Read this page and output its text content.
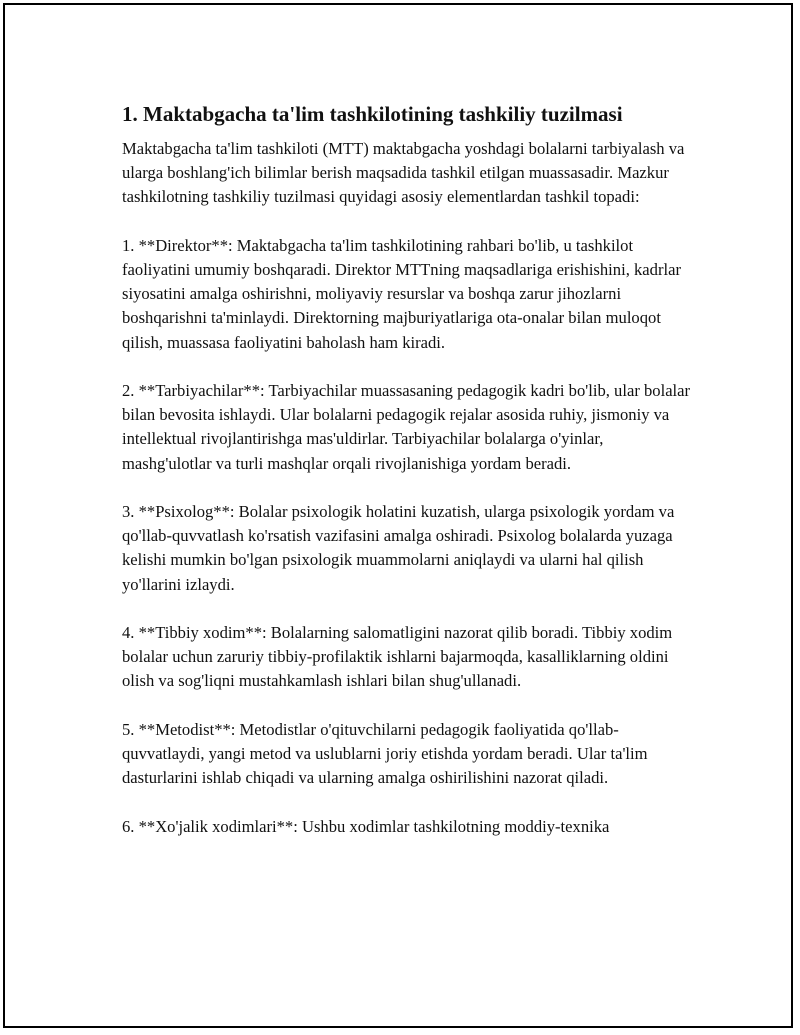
1. Maktabgacha ta'lim tashkilotining tashkiliy tuzilmasi

Maktabgacha ta'lim tashkiloti (MTT) maktabgacha yoshdagi bolalarni tarbiyalash va ularga boshlang'ich bilimlar berish maqsadida tashkil etilgan muassasadir. Mazkur tashkilotning tashkiliy tuzilmasi quyidagi asosiy elementlardan tashkil topadi:

1. **Direktor**: Maktabgacha ta'lim tashkilotining rahbari bo'lib, u tashkilot faoliyatini umumiy boshqaradi. Direktor MTTning maqsadlariga erishishini, kadrlar siyosatini amalga oshirishni, moliyaviy resurslar va boshqa zarur jihozlarni boshqarishni ta'minlaydi. Direktorning majburiyatlariga ota-onalar bilan muloqot qilish, muassasa faoliyatini baholash ham kiradi.

2. **Tarbiyachilar**: Tarbiyachilar muassasaning pedagogik kadri bo'lib, ular bolalar bilan bevosita ishlaydi. Ular bolalarni pedagogik rejalar asosida ruhiy, jismoniy va intellektual rivojlantirishga mas'uldirlar. Tarbiyachilar bolalarga o'yinlar, mashg'ulotlar va turli mashqlar orqali rivojlanishiga yordam beradi.

3. **Psixolog**: Bolalar psixologik holatini kuzatish, ularga psixologik yordam va qo'llab-quvvatlash ko'rsatish vazifasini amalga oshiradi. Psixolog bolalarda yuzaga kelishi mumkin bo'lgan psixologik muammolarni aniqlaydi va ularni hal qilish yo'llarini izlaydi.

4. **Tibbiy xodim**: Bolalarning salomatligini nazorat qilib boradi. Tibbiy xodim bolalar uchun zaruriy tibbiy-profilaktik ishlarni bajarmoqda, kasalliklarning oldini olish va sog'liqni mustahkamlash ishlari bilan shug'ullanadi.

5. **Metodist**: Metodistlar o'qituvchilarni pedagogik faoliyatida qo'llab-quvvatlaydi, yangi metod va uslublarni joriy etishda yordam beradi. Ular ta'lim dasturlarini ishlab chiqadi va ularning amalga oshirilishini nazorat qiladi.

6. **Xo'jalik xodimlari**: Ushbu xodimlar tashkilotning moddiy-texnika
